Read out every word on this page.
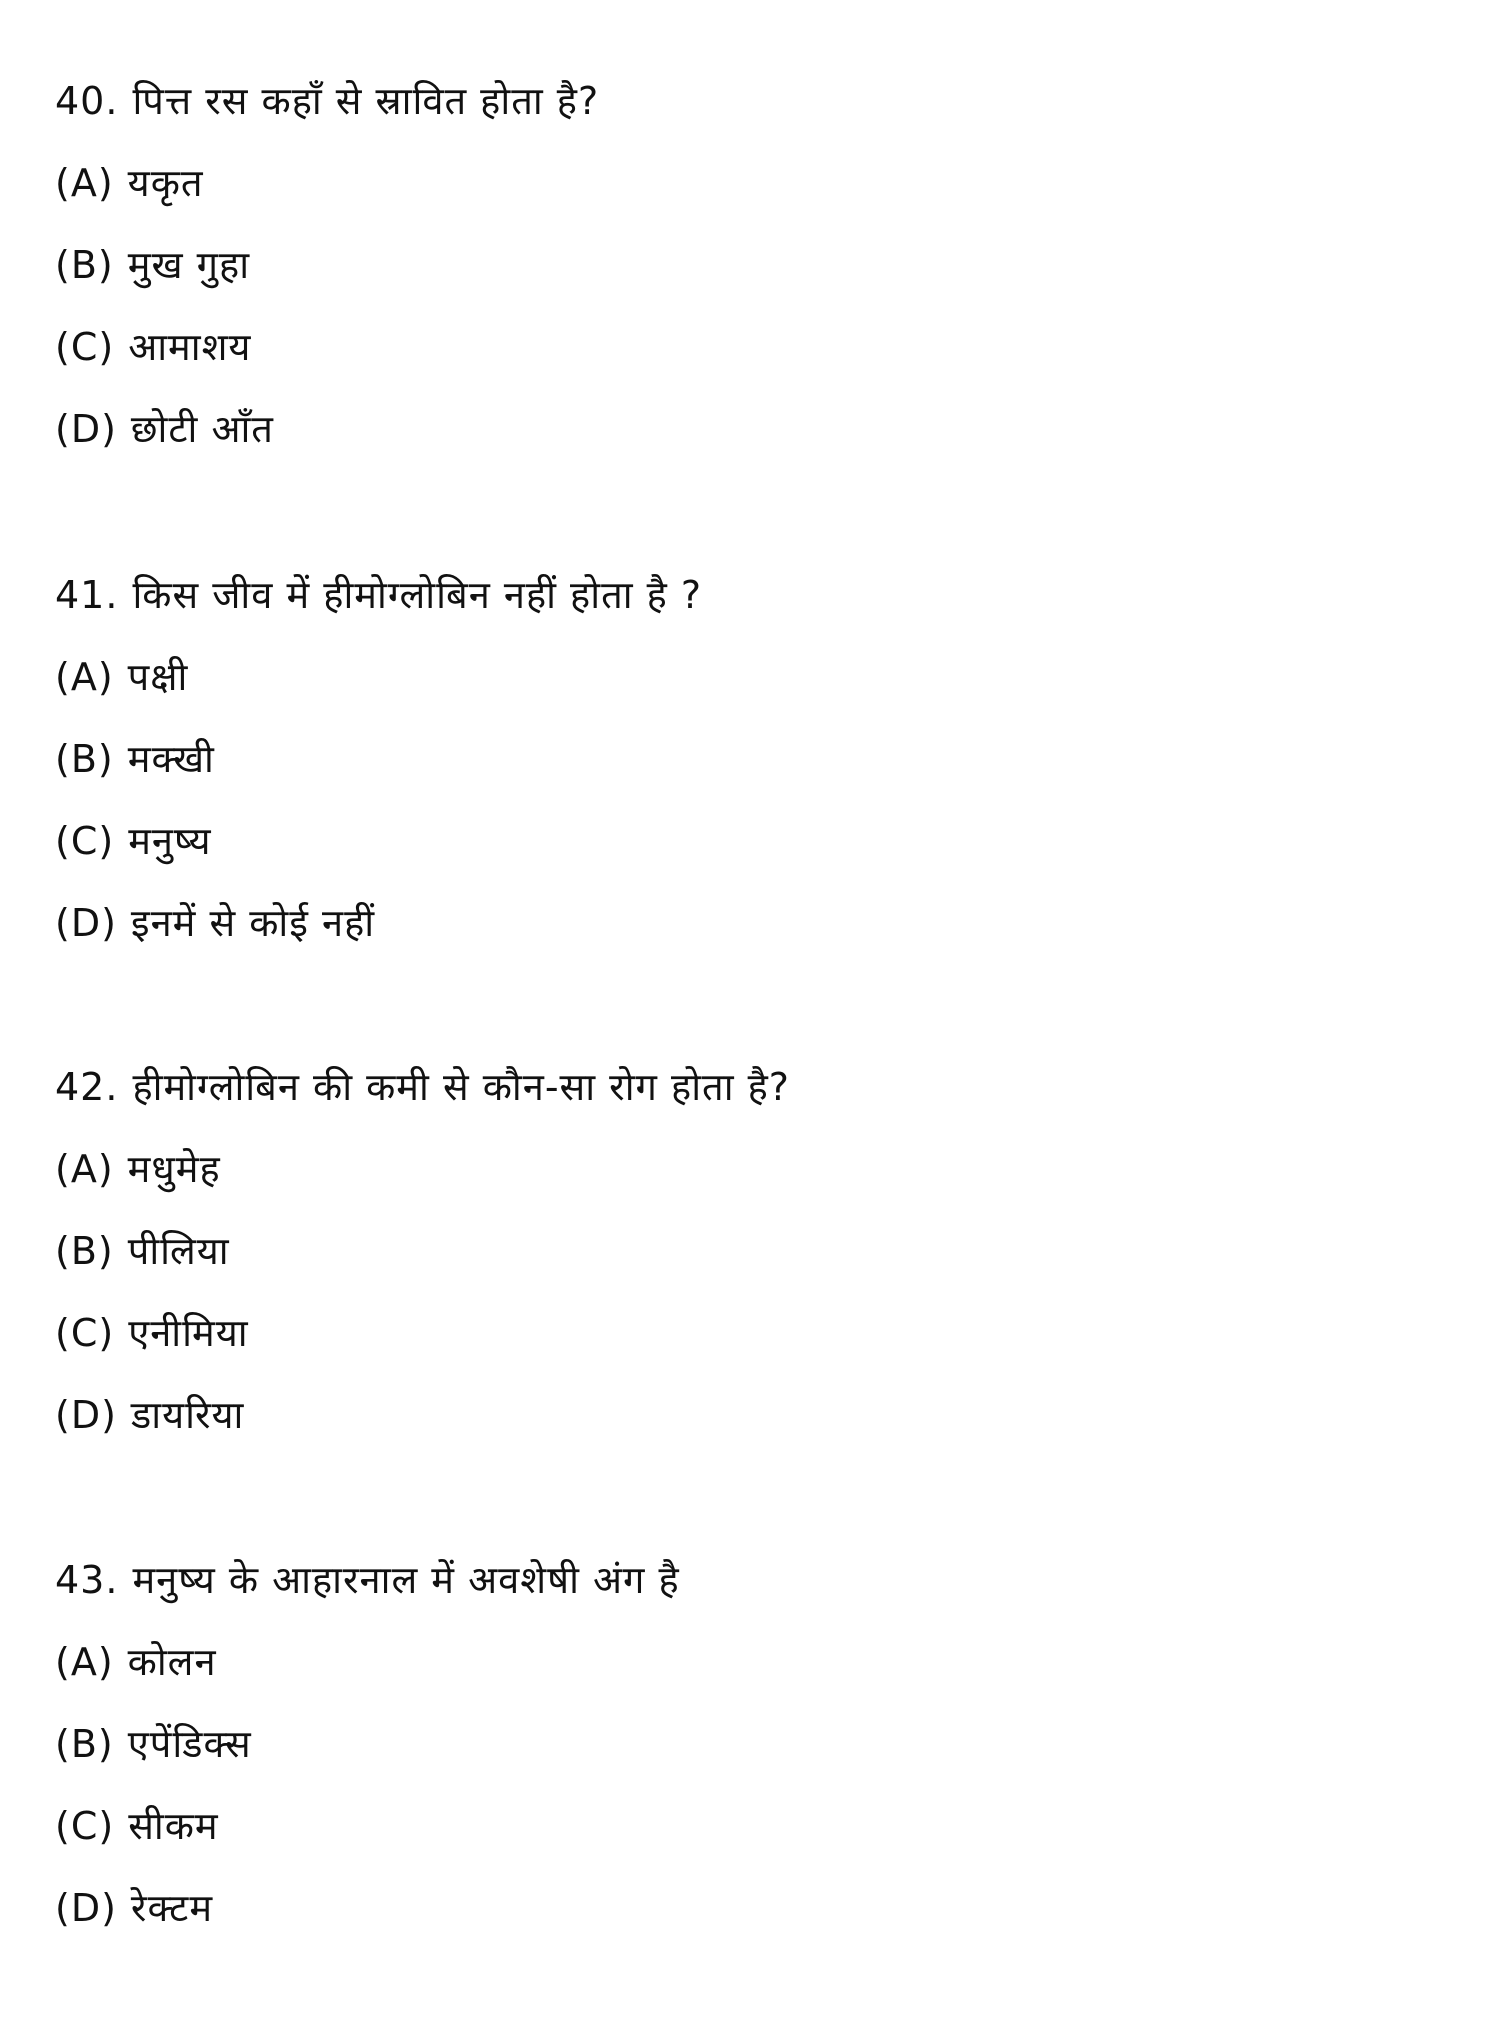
40. पित्त रस कहाँ से स्रावित होता है?
(A) यकृत
(B) मुख गुहा
(C) आमाशय
(D) छोटी आँत
41. किस जीव में हीमोग्लोबिन नहीं होता है ?
(A) पक्षी
(B) मक्खी
(C) मनुष्य
(D) इनमें से कोई नहीं
42. हीमोग्लोबिन की कमी से कौन-सा रोग होता है?
(A) मधुमेह
(B) पीलिया
(C) एनीमिया
(D) डायरिया
43. मनुष्य के आहारनाल में अवशेषी अंग है
(A) कोलन
(B) एपेंडिक्स
(C) सीकम
(D) रेक्टम
